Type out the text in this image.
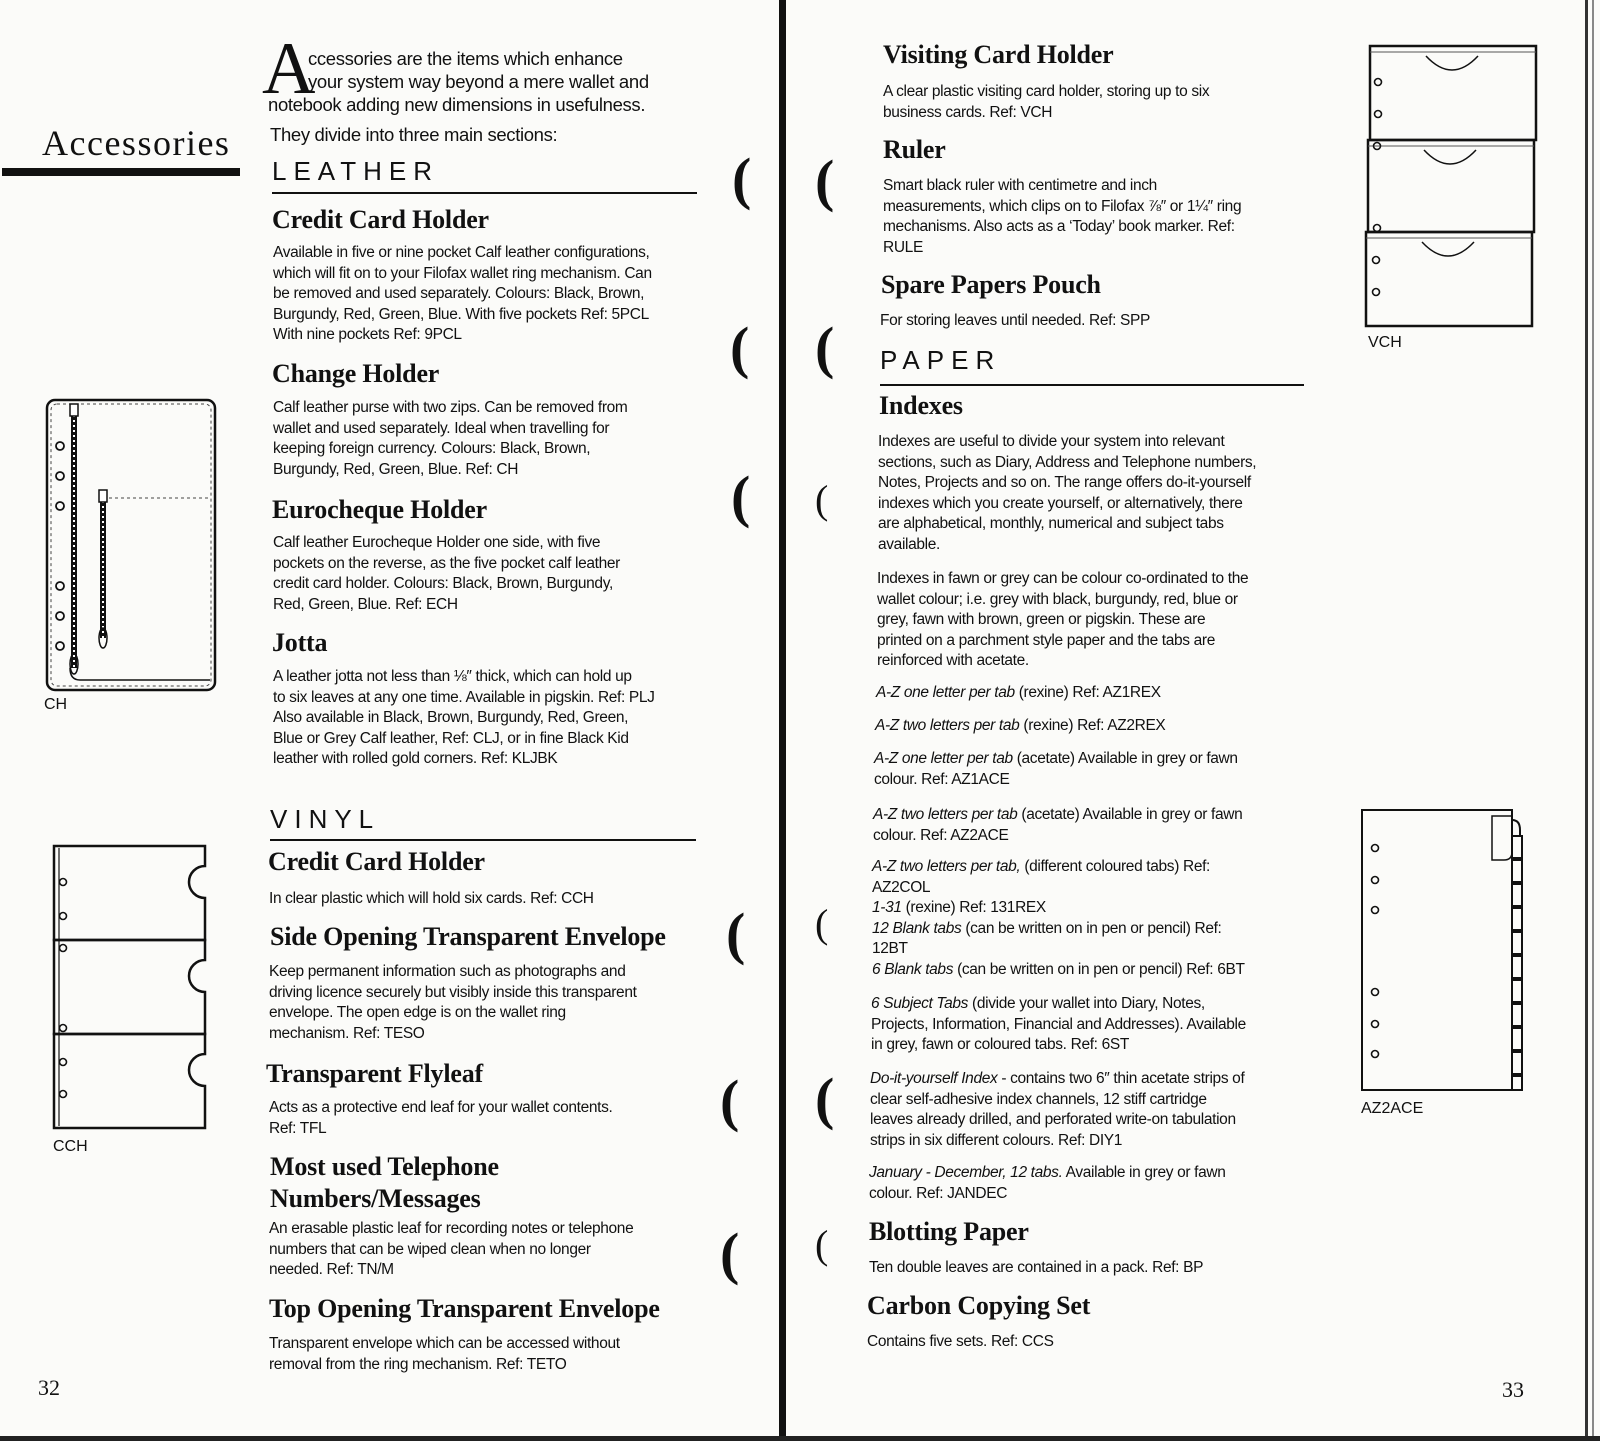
Accessories
A

ccessories are the items which enhance

your system way beyond a mere wallet and

notebook adding new dimensions in usefulness.

They divide into three main sections:

LEATHER
Credit Card Holder

Available in five or nine pocket Calf leather configurations,

which will fit on to your Filofax wallet ring mechanism. Can

be removed and used separately. Colours: Black, Brown,

Burgundy, Red, Green, Blue. With five pockets Ref: 5PCL

With nine pockets Ref: 9PCL

Change Holder

Calf leather purse with two zips. Can be removed from

wallet and used separately. Ideal when travelling for

keeping foreign currency. Colours: Black, Brown,

Burgundy, Red, Green, Blue. Ref: CH

Eurocheque Holder

Calf leather Eurocheque Holder one side, with five

pockets on the reverse, as the five pocket calf leather

credit card holder. Colours: Black, Brown, Burgundy,

Red, Green, Blue. Ref: ECH

Jotta

A leather jotta not less than ⅛″ thick, which can hold up

to six leaves at any one time. Available in pigskin. Ref: PLJ

Also available in Black, Brown, Burgundy, Red, Green,

Blue or Grey Calf leather, Ref: CLJ, or in fine Black Kid

leather with rolled gold corners. Ref: KLJBK

VINYL
Credit Card Holder

In clear plastic which will hold six cards. Ref: CCH

Side Opening Transparent Envelope

Keep permanent information such as photographs and

driving licence securely but visibly inside this transparent

envelope. The open edge is on the wallet ring

mechanism. Ref: TESO

Transparent Flyleaf

Acts as a protective end leaf for your wallet contents.

Ref: TFL

Most used Telephone
Numbers/Messages

An erasable plastic leaf for recording notes or telephone

numbers that can be wiped clean when no longer

needed. Ref: TN/M

Top Opening Transparent Envelope

Transparent envelope which can be accessed without

removal from the ring mechanism. Ref: TETO

CH
CCH
32
(
(
(
(
(
(
(
(
(
(
(
(
Visiting Card Holder

A clear plastic visiting card holder, storing up to six

business cards. Ref: VCH

Ruler

Smart black ruler with centimetre and inch

measurements, which clips on to Filofax ⅞″ or 1¼″ ring

mechanisms. Also acts as a ‘Today’ book marker. Ref:

RULE

Spare Papers Pouch

For storing leaves until needed. Ref: SPP

PAPER
Indexes

Indexes are useful to divide your system into relevant

sections, such as Diary, Address and Telephone numbers,

Notes, Projects and so on. The range offers do-it-yourself

indexes which you create yourself, or alternatively, there

are alphabetical, monthly, numerical and subject tabs

available.

Indexes in fawn or grey can be colour co-ordinated to the

wallet colour; i.e. grey with black, burgundy, red, blue or

grey, fawn with brown, green or pigskin. These are

printed on a parchment style paper and the tabs are

reinforced with acetate.

A-Z one letter per tab (rexine) Ref: AZ1REX

A-Z two letters per tab (rexine) Ref: AZ2REX

A-Z one letter per tab (acetate) Available in grey or fawn

colour. Ref: AZ1ACE

A-Z two letters per tab (acetate) Available in grey or fawn

colour. Ref: AZ2ACE

A-Z two letters per tab, (different coloured tabs) Ref:

AZ2COL

1-31 (rexine) Ref: 131REX

12 Blank tabs (can be written on in pen or pencil) Ref:

12BT

6 Blank tabs (can be written on in pen or pencil) Ref: 6BT

6 Subject Tabs (divide your wallet into Diary, Notes,

Projects, Information, Financial and Addresses). Available

in grey, fawn or coloured tabs. Ref: 6ST

Do-it-yourself Index - contains two 6″ thin acetate strips of

clear self-adhesive index channels, 12 stiff cartridge

leaves already drilled, and perforated write-on tabulation

strips in six different colours. Ref: DIY1

January - December, 12 tabs. Available in grey or fawn

colour. Ref: JANDEC

Blotting Paper

Ten double leaves are contained in a pack. Ref: BP

Carbon Copying Set

Contains five sets. Ref: CCS

VCH
AZ2ACE
33
